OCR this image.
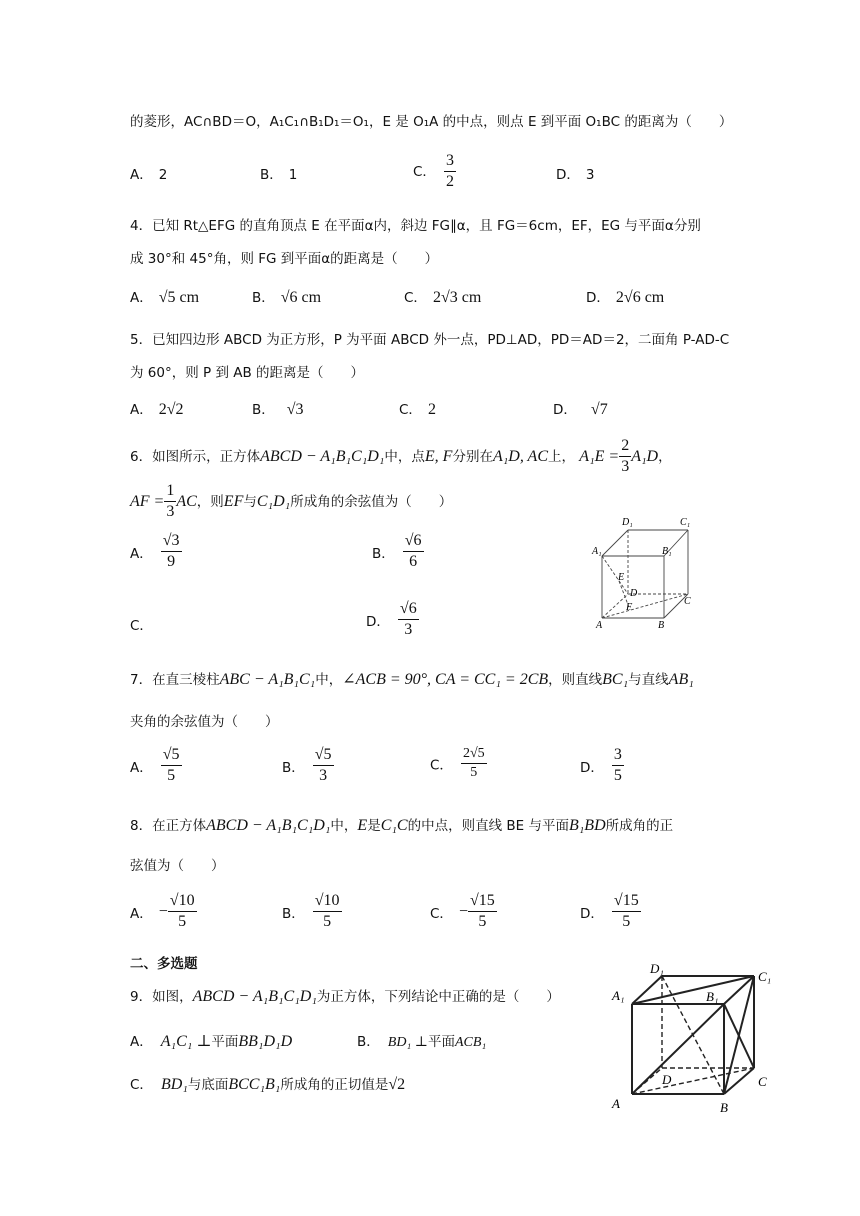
的菱形，AC∩BD＝O，A₁C₁∩B₁D₁＝O₁，E 是 O₁A 的中点，则点 E 到平面 O₁BC 的距离为（　　）
A． 2	B． 1	C． $\frac{3}{2}$	D． 3
4．已知 Rt△EFG 的直角顶点 E 在平面α内，斜边 FG∥α，且 FG＝6cm，EF，EG 与平面α分别
成 30°和 45°角，则 FG 到平面α的距离是（　　）
A． √5 cm	B． √6 cm	C． 2√3 cm	D． 2√6 cm
5．已知四边形 ABCD 为正方形，P 为平面 ABCD 外一点，PD⊥AD，PD＝AD＝2，二面角 P-AD-C
为 60°，则 P 到 AB 的距离是（　　）
A． 2√2	B． √3	C． 2	D． √7
6．如图所示，正方体ABCD − A₁B₁C₁D₁中，点E, F分别在A₁D, AC上， $A_1E = \frac{2}{3} A_1D$，
AF = $\frac{1}{3}$ AC，则EF与C₁D₁所成角的余弦值为（　　）
A． $\frac{√3}{9}$	B． $\frac{√6}{6}$
C．	D． $\frac{√6}{3}$
D₁	C₁
A₁	B₁
E
D
F
C
A	B
7．在直三棱柱ABC − A₁B₁C₁中，∠ACB = 90°, CA = CC₁ = 2CB，则直线BC₁与直线AB₁
夹角的余弦值为（　　）
A． $\frac{√5}{5}$	B． $\frac{√5}{3}$	C． $\frac{2√5}{5}$	D． $\frac{3}{5}$
8．在正方体ABCD − A₁B₁C₁D₁中，E是C₁C的中点，则直线 BE 与平面B₁BD所成角的正
弦值为（　　）
A． − $\frac{√10}{5}$	B． $\frac{√10}{5}$	C． − $\frac{√15}{5}$	D． $\frac{√15}{5}$
二、多选题
9．如图，ABCD − A₁B₁C₁D₁为正方体，下列结论中正确的是（　　）
A． A₁C₁ ⊥平面BB₁D₁D	B． BD₁ ⊥平面ACB₁
C． BD₁与底面BCC₁B₁所成角的正切值是√2
D₁
C₁
A₁	B₁
D	C
A	B
